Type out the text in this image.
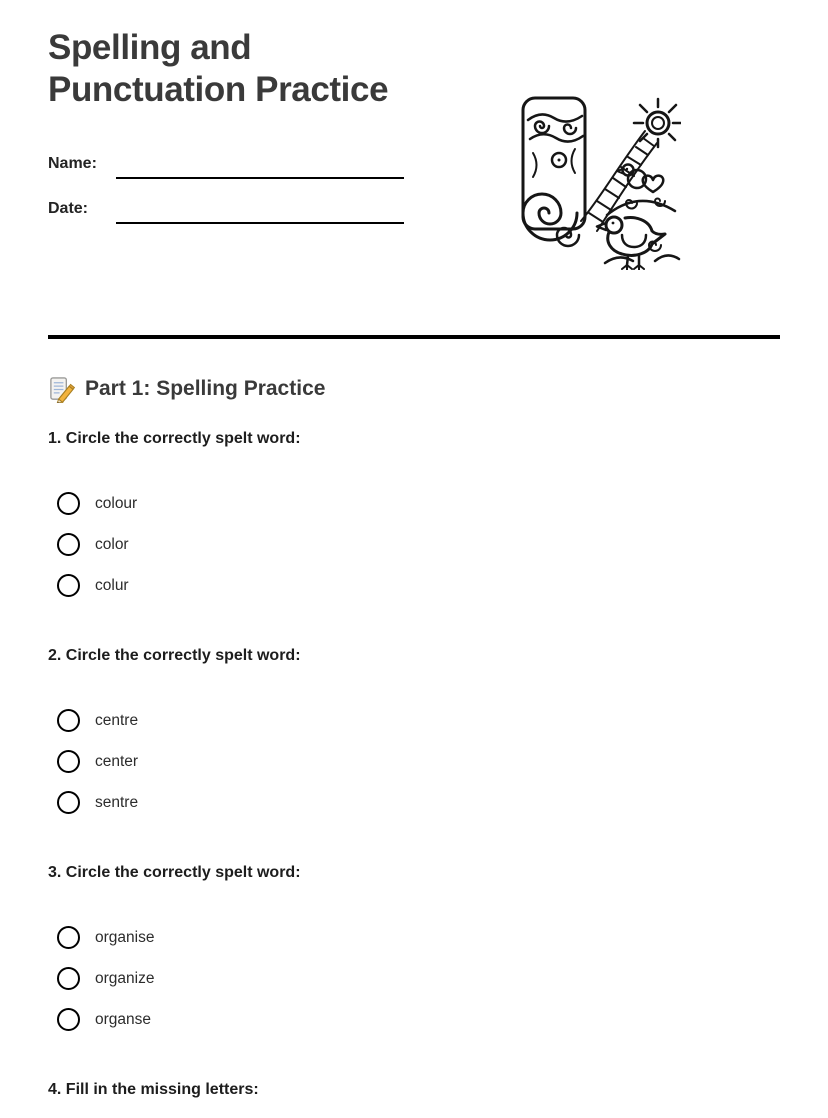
Spelling and
Punctuation Practice
Name:
Date:
Part 1: Spelling Practice

1. Circle the correctly spelt word:

colour
color
colur

2. Circle the correctly spelt word:

centre
center
sentre

3. Circle the correctly spelt word:

organise
organize
organse

4. Fill in the missing letters:
